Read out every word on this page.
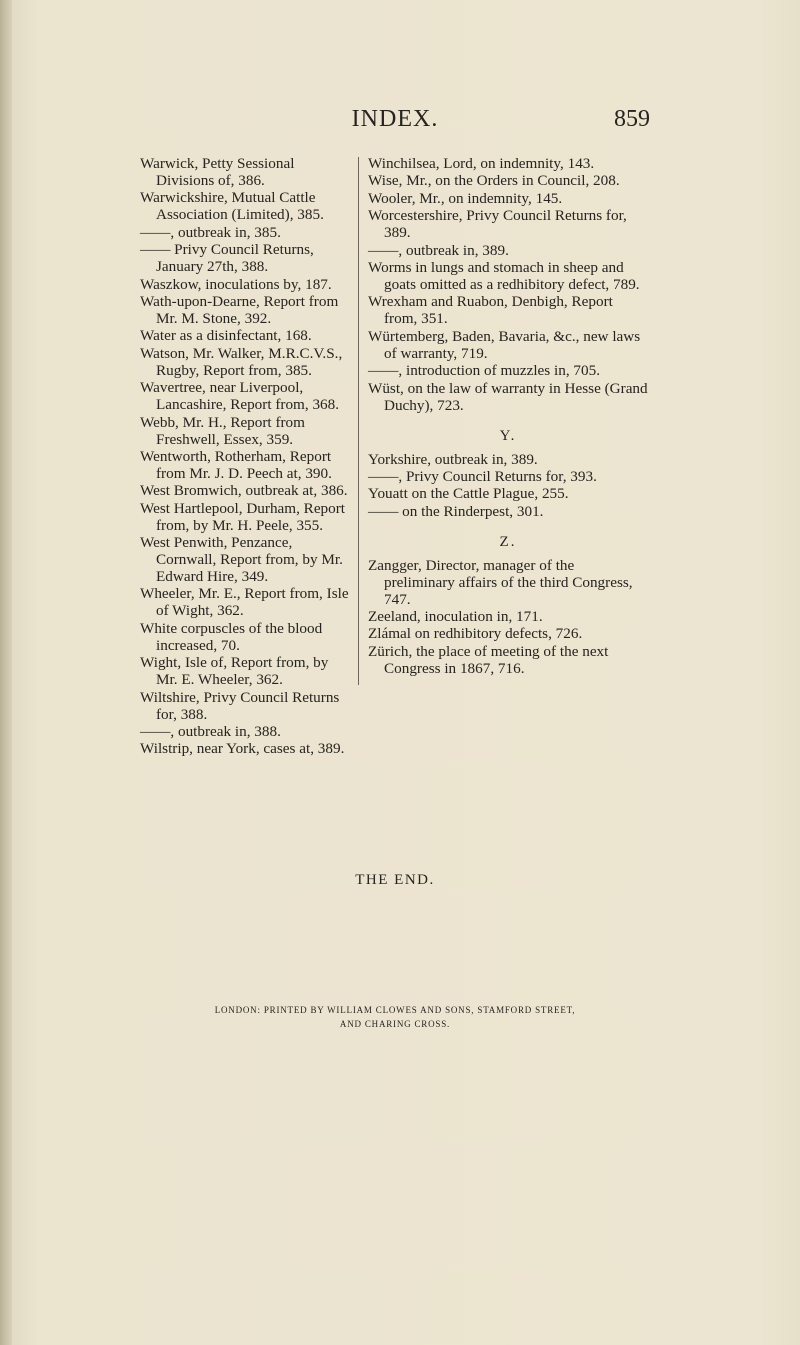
INDEX.	859
Warwick, Petty Sessional Divisions of, 386.
Warwickshire, Mutual Cattle Association (Limited), 385.
——, outbreak in, 385.
—— Privy Council Returns, January 27th, 388.
Waszkow, inoculations by, 187.
Wath-upon-Dearne, Report from Mr. M. Stone, 392.
Water as a disinfectant, 168.
Watson, Mr. Walker, M.R.C.V.S., Rugby, Report from, 385.
Wavertree, near Liverpool, Lancashire, Report from, 368.
Webb, Mr. H., Report from Freshwell, Essex, 359.
Wentworth, Rotherham, Report from Mr. J. D. Peech at, 390.
West Bromwich, outbreak at, 386.
West Hartlepool, Durham, Report from, by Mr. H. Peele, 355.
West Penwith, Penzance, Cornwall, Report from, by Mr. Edward Hire, 349.
Wheeler, Mr. E., Report from, Isle of Wight, 362.
White corpuscles of the blood increased, 70.
Wight, Isle of, Report from, by Mr. E. Wheeler, 362.
Wiltshire, Privy Council Returns for, 388.
——, outbreak in, 388.
Wilstrip, near York, cases at, 389.
Winchilsea, Lord, on indemnity, 143.
Wise, Mr., on the Orders in Council, 208.
Wooler, Mr., on indemnity, 145.
Worcestershire, Privy Council Returns for, 389.
——, outbreak in, 389.
Worms in lungs and stomach in sheep and goats omitted as a redhibitory defect, 789.
Wrexham and Ruabon, Denbigh, Report from, 351.
Würtemberg, Baden, Bavaria, &c., new laws of warranty, 719.
——, introduction of muzzles in, 705.
Wüst, on the law of warranty in Hesse (Grand Duchy), 723.
Y.
Yorkshire, outbreak in, 389.
——, Privy Council Returns for, 393.
Youatt on the Cattle Plague, 255.
—— on the Rinderpest, 301.
Z.
Zangger, Director, manager of the preliminary affairs of the third Congress, 747.
Zeeland, inoculation in, 171.
Zlámal on redhibitory defects, 726.
Zürich, the place of meeting of the next Congress in 1867, 716.
THE END.
LONDON: PRINTED BY WILLIAM CLOWES AND SONS, STAMFORD STREET,
AND CHARING CROSS.
